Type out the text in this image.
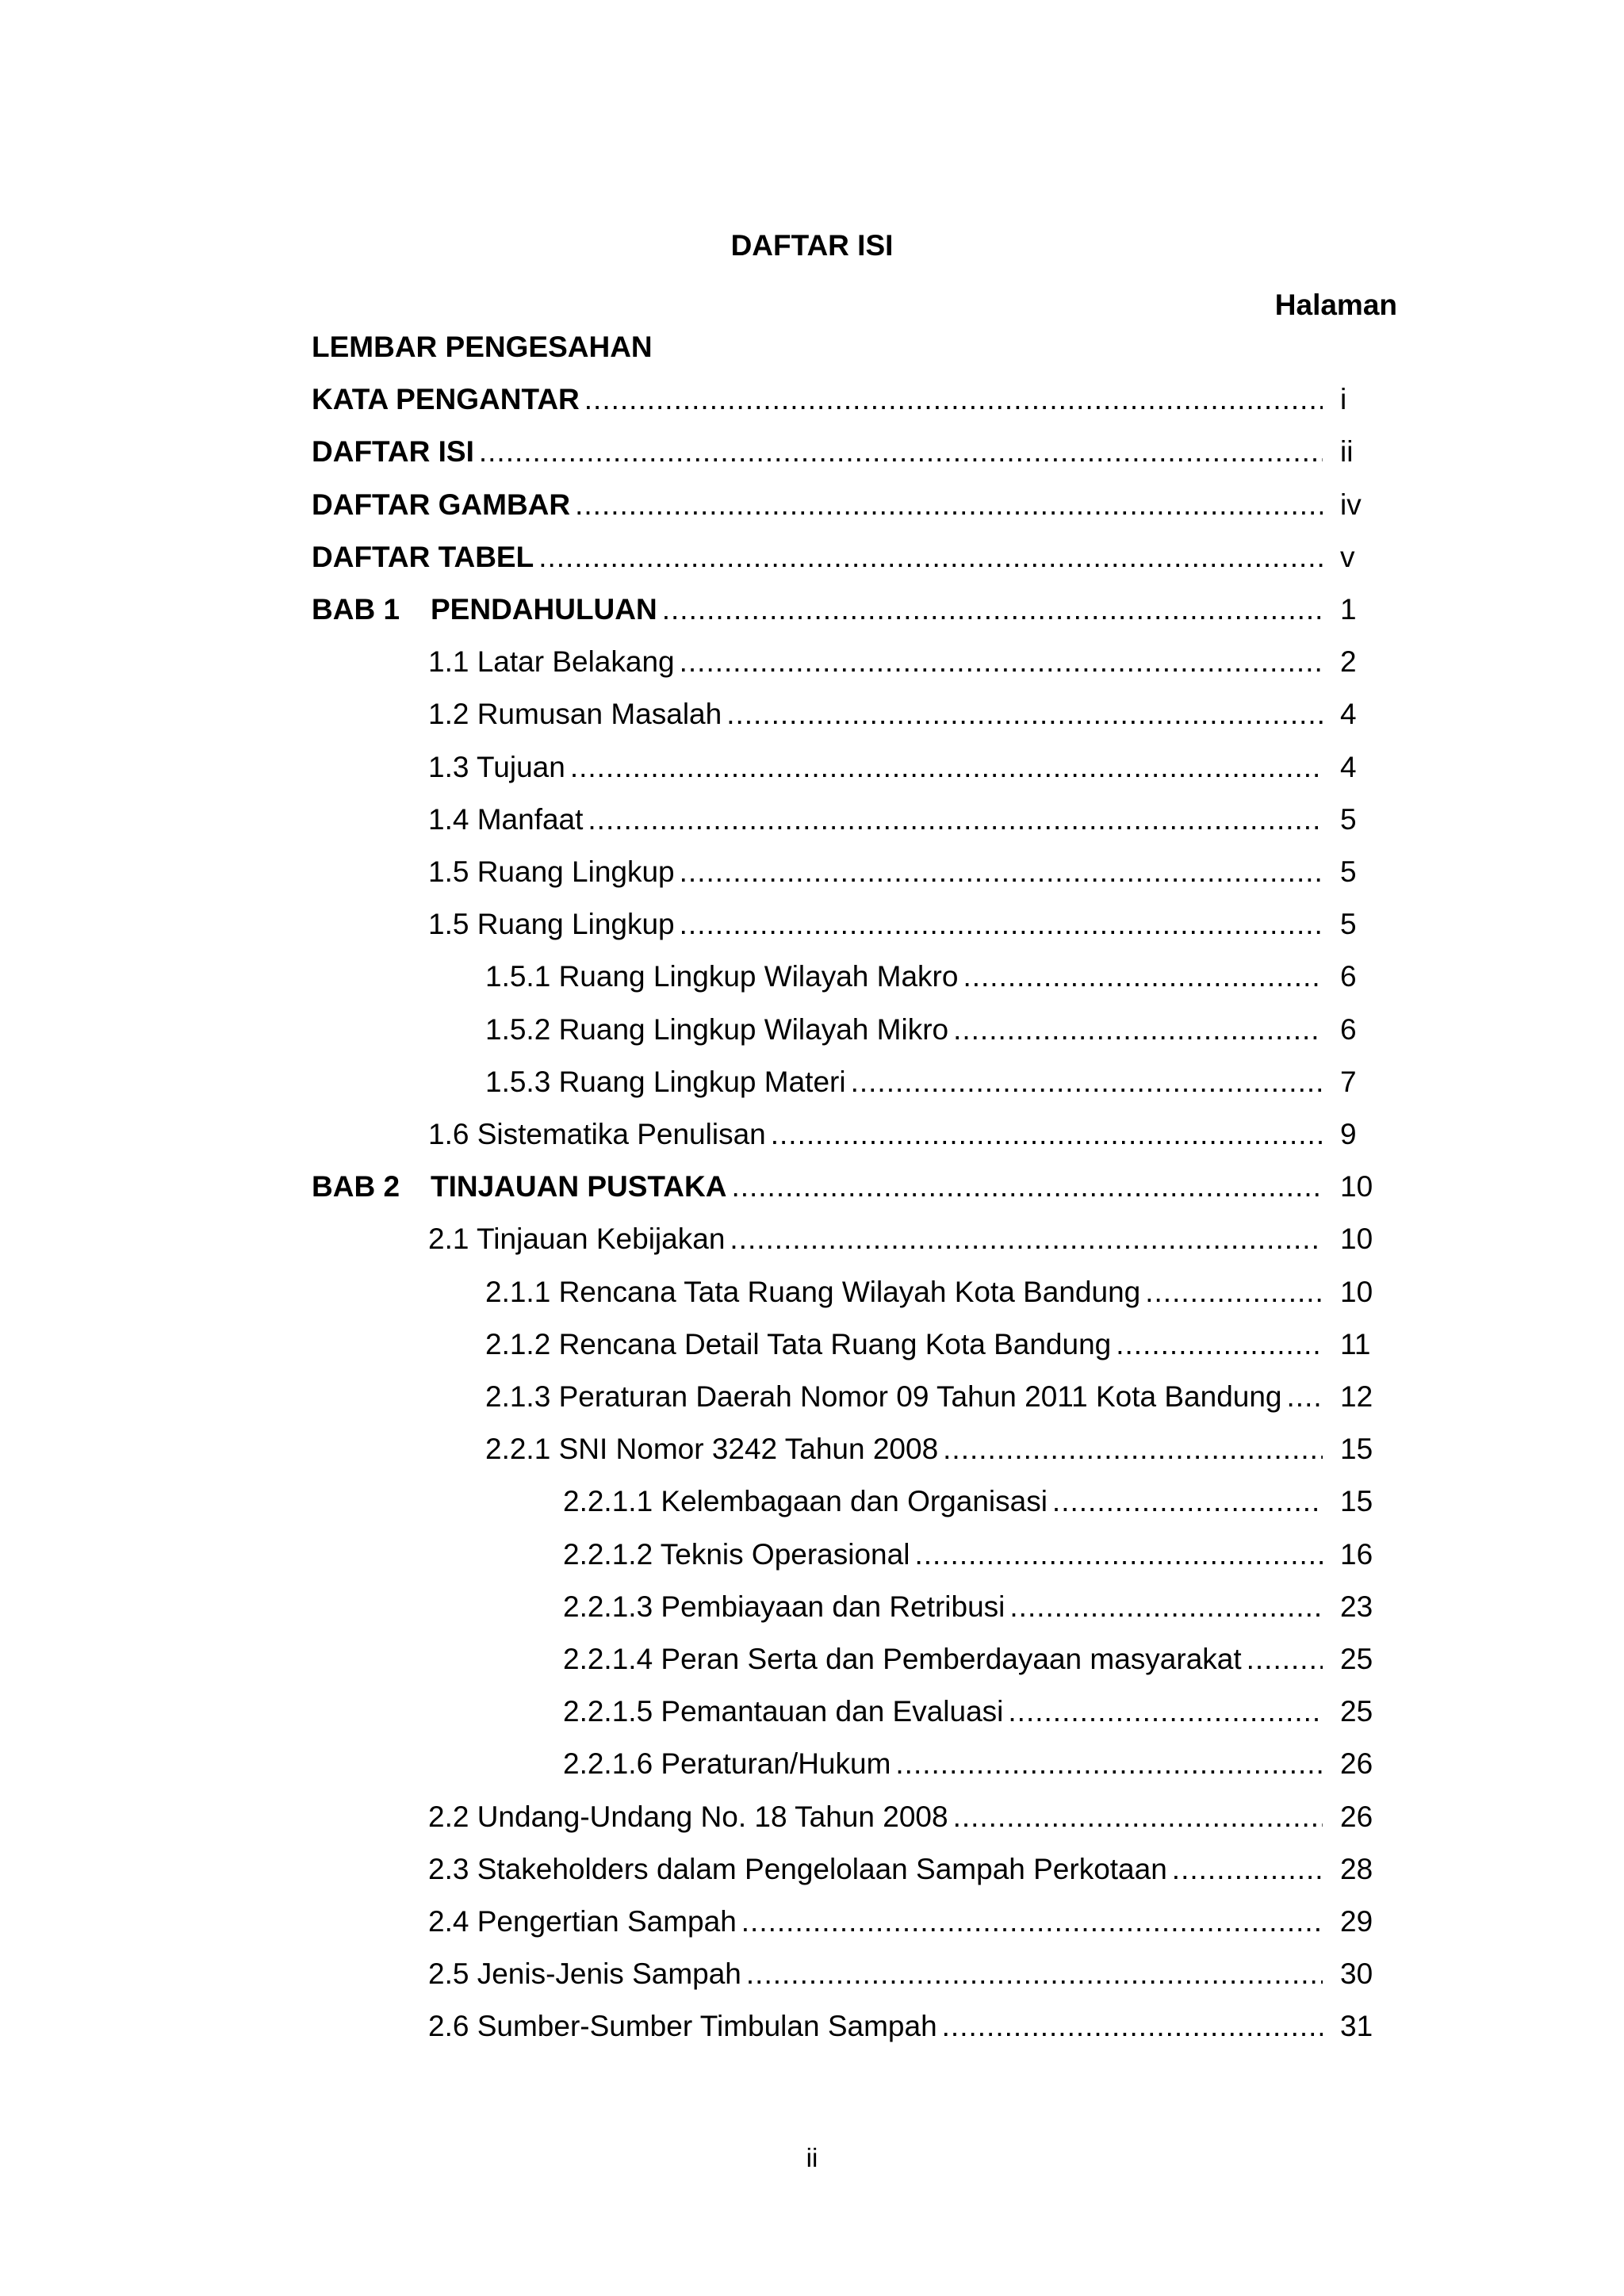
DAFTAR ISI
Halaman
LEMBAR PENGESAHAN
KATA PENGANTAR .....	i
DAFTAR ISI .....	ii
DAFTAR GAMBAR .....	iv
DAFTAR TABEL .....	v
BAB 1	PENDAHULUAN .....	1
1.1 Latar Belakang .....	2
1.2 Rumusan Masalah .....	4
1.3 Tujuan .....	4
1.4 Manfaat .....	5
1.5 Ruang Lingkup .....	5
1.5 Ruang Lingkup .....	5
1.5.1 Ruang Lingkup Wilayah Makro .....	6
1.5.2 Ruang Lingkup Wilayah Mikro .....	6
1.5.3 Ruang Lingkup Materi .....	7
1.6 Sistematika Penulisan .....	9
BAB 2	TINJAUAN PUSTAKA .....	10
2.1 Tinjauan Kebijakan .....	10
2.1.1 Rencana Tata Ruang Wilayah Kota Bandung .....	10
2.1.2 Rencana Detail Tata Ruang Kota Bandung .....	11
2.1.3 Peraturan Daerah Nomor 09 Tahun 2011 Kota Bandung ..... 12
2.2.1 SNI Nomor 3242 Tahun 2008 .....	15
2.2.1.1 Kelembagaan dan Organisasi .....	15
2.2.1.2 Teknis Operasional .....	16
2.2.1.3 Pembiayaan dan Retribusi .....	23
2.2.1.4 Peran Serta dan Pemberdayaan masyarakat .....	25
2.2.1.5 Pemantauan dan Evaluasi .....	25
2.2.1.6 Peraturan/Hukum .....	26
2.2 Undang-Undang No. 18 Tahun 2008 .....	26
2.3 Stakeholders dalam Pengelolaan Sampah Perkotaan .....	28
2.4 Pengertian Sampah .....	29
2.5 Jenis-Jenis Sampah .....	30
2.6 Sumber-Sumber Timbulan Sampah .....	31
ii
